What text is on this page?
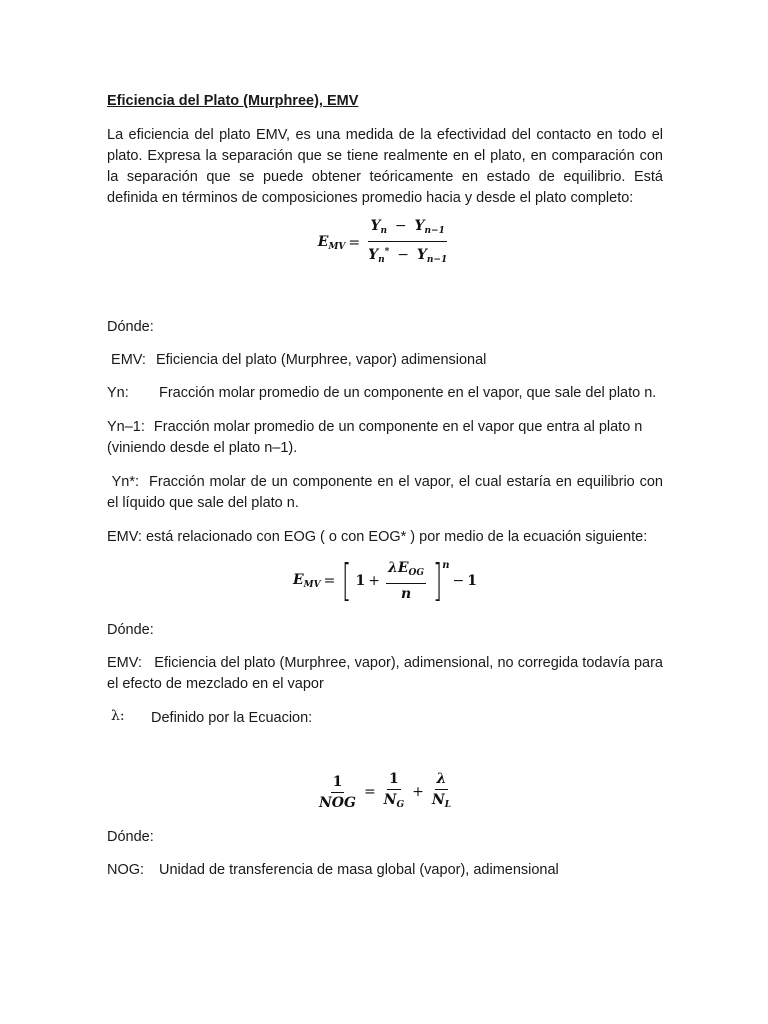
Eficiencia del Plato (Murphree), EMV

La eficiencia del plato EMV, es una medida de la efectividad del contacto en todo el plato. Expresa la separación que se tiene realmente en el plato, en comparación con la separación que se puede obtener teóricamente en estado de equilibrio. Está definida en términos de composiciones promedio hacia y desde el plato completo:

$E_{MV} = \frac{Y_n - Y_{n-1}}{Y_n^* - Y_{n-1}}$

Dónde:

EMV: Eficiencia del plato (Murphree, vapor) adimensional

Yn: Fracción molar promedio de un componente en el vapor, que sale del plato n.

Yn–1: Fracción molar promedio de un componente en el vapor que entra al plato n (viniendo desde el plato n–1).

Yn*: Fracción molar de un componente en el vapor, el cual estaría en equilibrio con el líquido que sale del plato n.

EMV: está relacionado con EOG ( o con EOG* ) por medio de la ecuación siguiente:

$E_{MV}$ = [ $1 + \frac{\lambda E_{OG}}{n} ]^n$
− 1

Dónde:

EMV:   Eficiencia del plato (Murphree, vapor), adimensional, no corregida todavía para el efecto de mezclado en el vapor

λ:	Definido por la Ecuacion:

$\frac{1}{\text{NOG}} = \frac{1}{N_G} + \frac{\lambda}{N_L}$

Dónde:

NOG: Unidad de transferencia de masa global (vapor), adimensional
